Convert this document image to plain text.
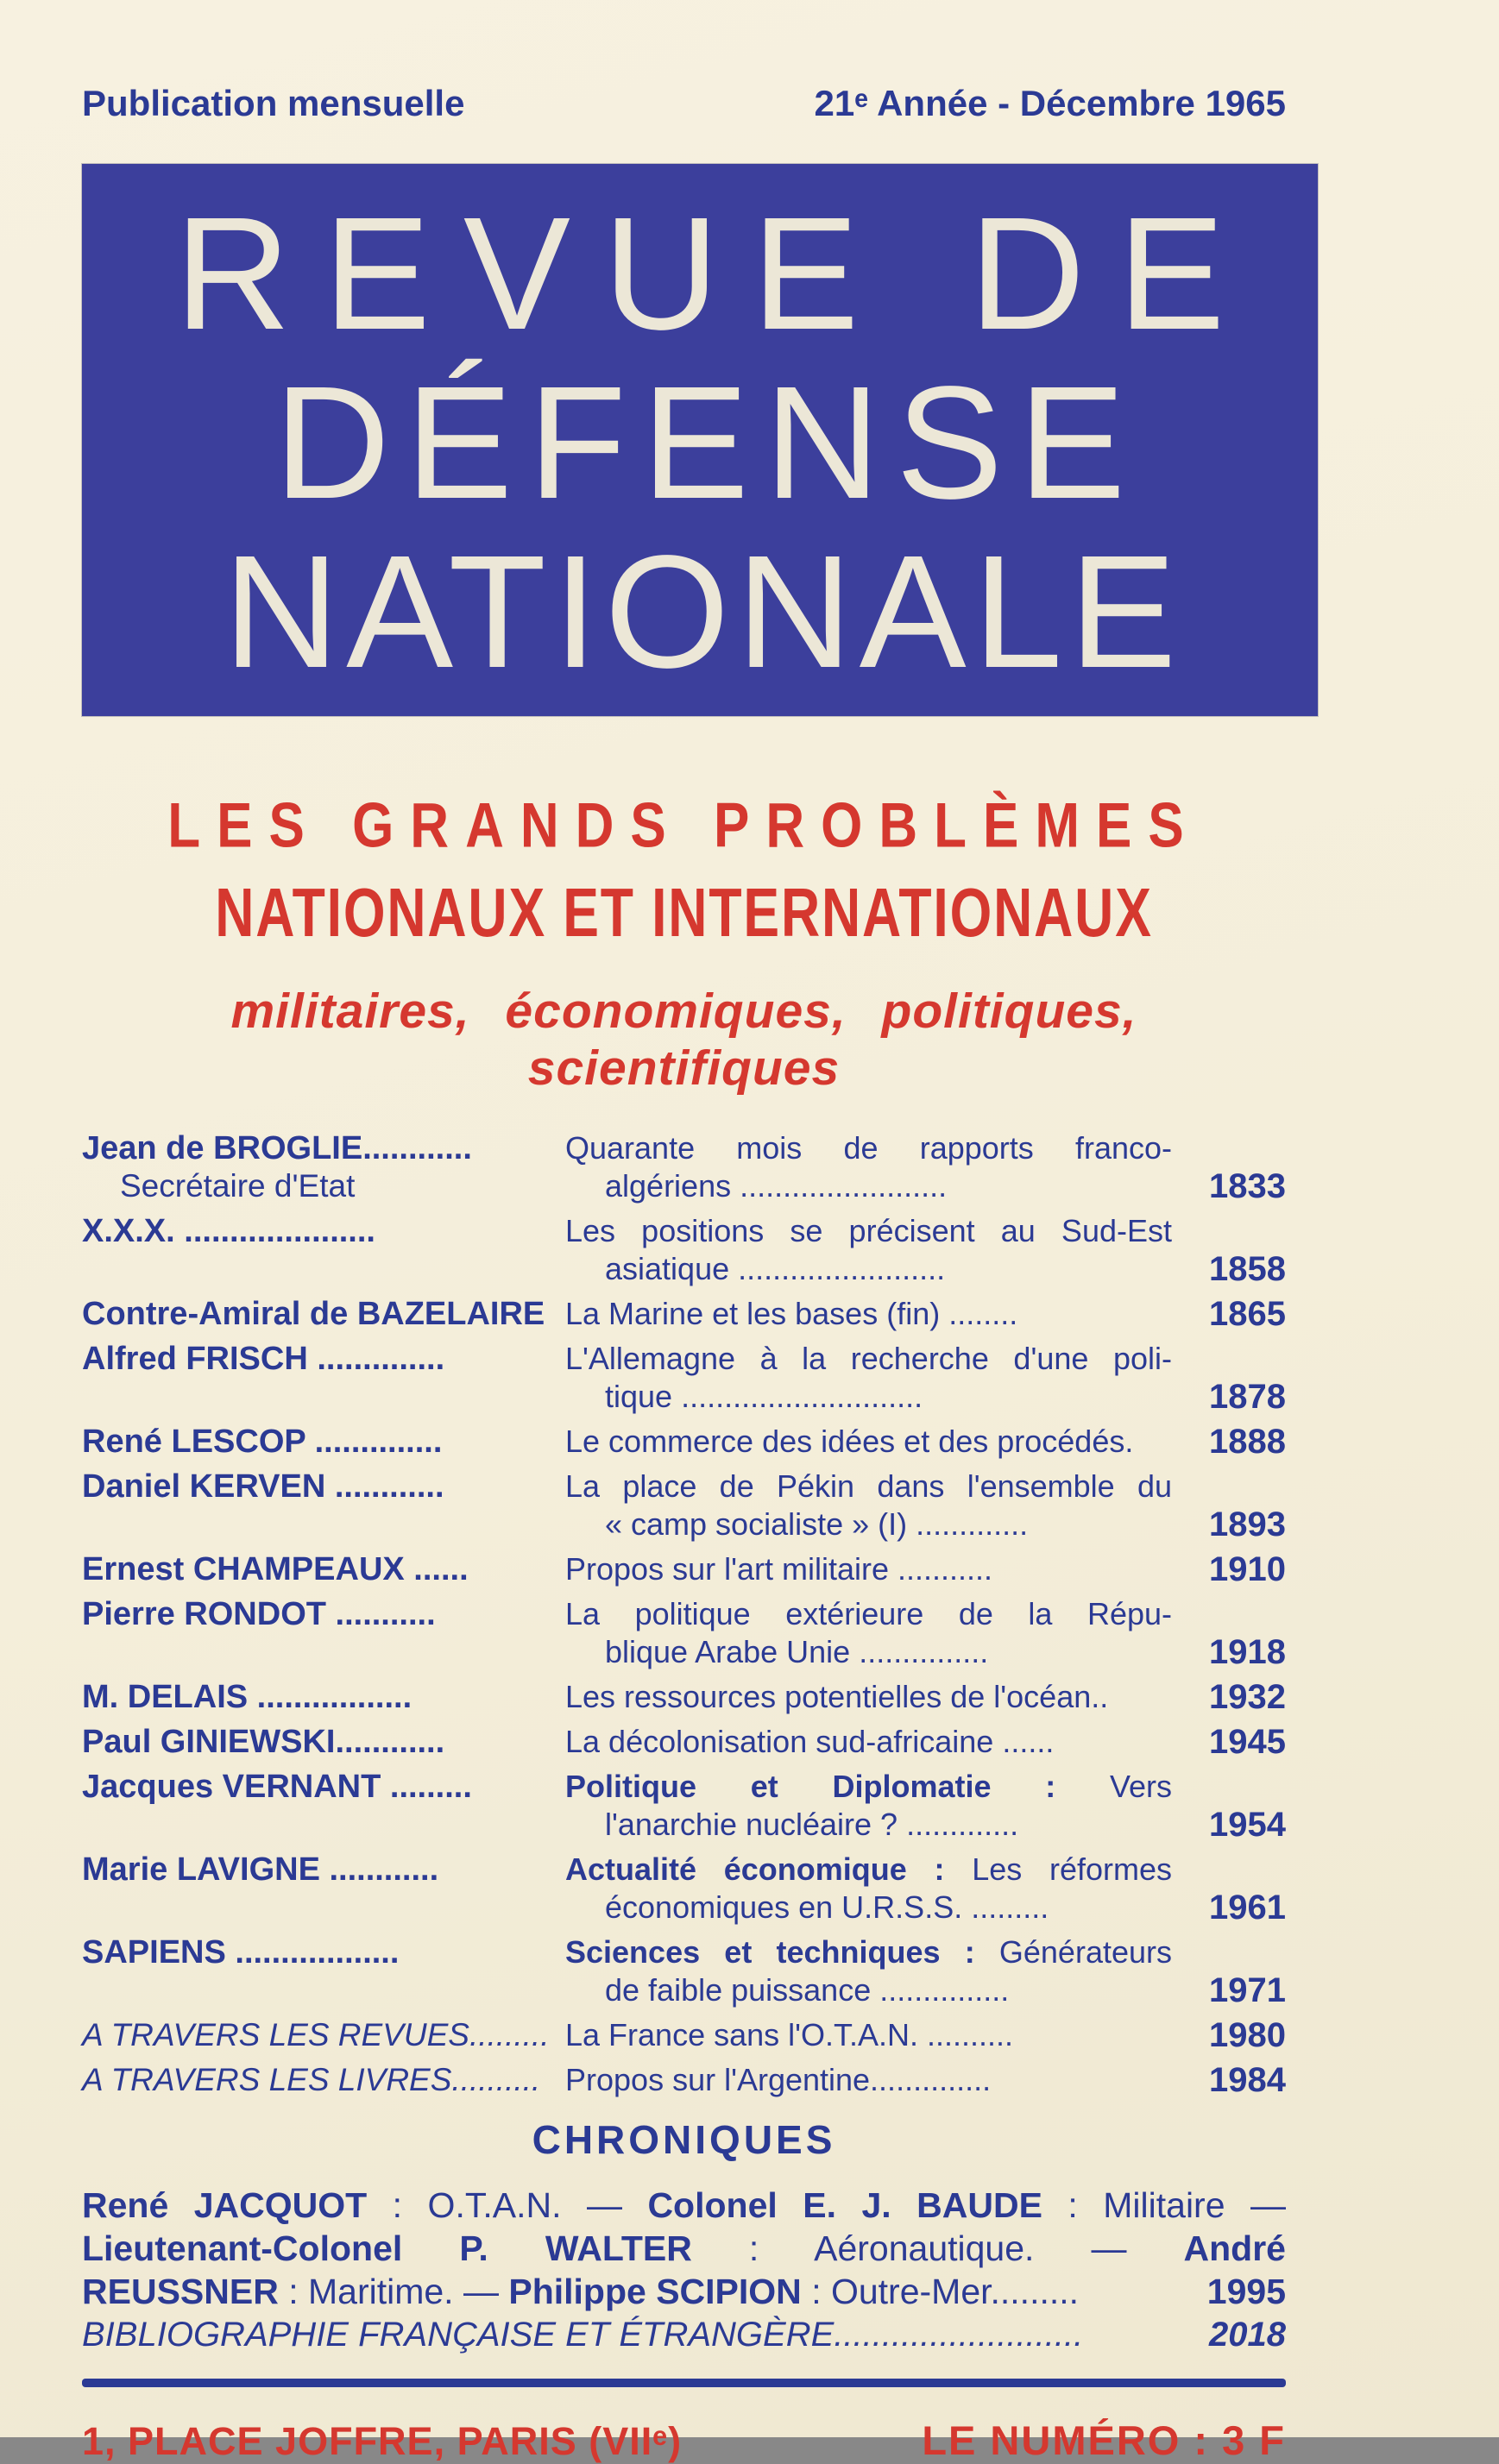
Publication mensuelle	21ᵉ Année - Décembre 1965
REVUE DE
DÉFENSE
NATIONALE
LES GRANDS PROBLÈMES
NATIONAUX ET INTERNATIONAUX
militaires, économiques, politiques, scientifiques
Jean de BROGLIE............
Secrétaire d'Etat
Quarante mois de rapports franco-
algériens ........................	1833
X.X.X. .....................	Les positions se précisent au Sud-Est
asiatique ........................	1858
Contre-Amiral de BAZELAIRE La Marine et les bases (fin) ........	1865
Alfred FRISCH ..............	L'Allemagne à la recherche d'une poli-
tique ............................	1878
René LESCOP ..............	Le commerce des idées et des procédés.	1888
Daniel KERVEN ............	La place de Pékin dans l'ensemble du
« camp socialiste » (I) .............	1893
Ernest CHAMPEAUX ......	Propos sur l'art militaire ...........	1910
Pierre RONDOT ...........	La politique extérieure de la Répu-
blique Arabe Unie ...............	1918
M. DELAIS .................	Les ressources potentielles de l'océan..	1932
Paul GINIEWSKI............	La décolonisation sud-africaine ......	1945
Jacques VERNANT .........	Politique et Diplomatie : Vers
l'anarchie nucléaire ? .............	1954
Marie LAVIGNE ............	Actualité économique : Les réformes
économiques en U.R.S.S. .........	1961
SAPIENS ..................	Sciences et techniques : Générateurs
de faible puissance ...............	1971
A TRAVERS LES REVUES......... La France sans l'O.T.A.N. ..........	1980
A TRAVERS LES LIVRES.......... Propos sur l'Argentine..............	1984
CHRONIQUES
René JACQUOT : O.T.A.N. — Colonel E. J. BAUDE : Militaire —
Lieutenant-Colonel P. WALTER : Aéronautique. — André
REUSSNER : Maritime. — Philippe SCIPION : Outre-Mer.........	1995
BIBLIOGRAPHIE FRANÇAISE ET ÉTRANGÈRE..........................	2018
1, PLACE JOFFRE, PARIS (VIIᵉ)	LE NUMÉRO : 3 F
